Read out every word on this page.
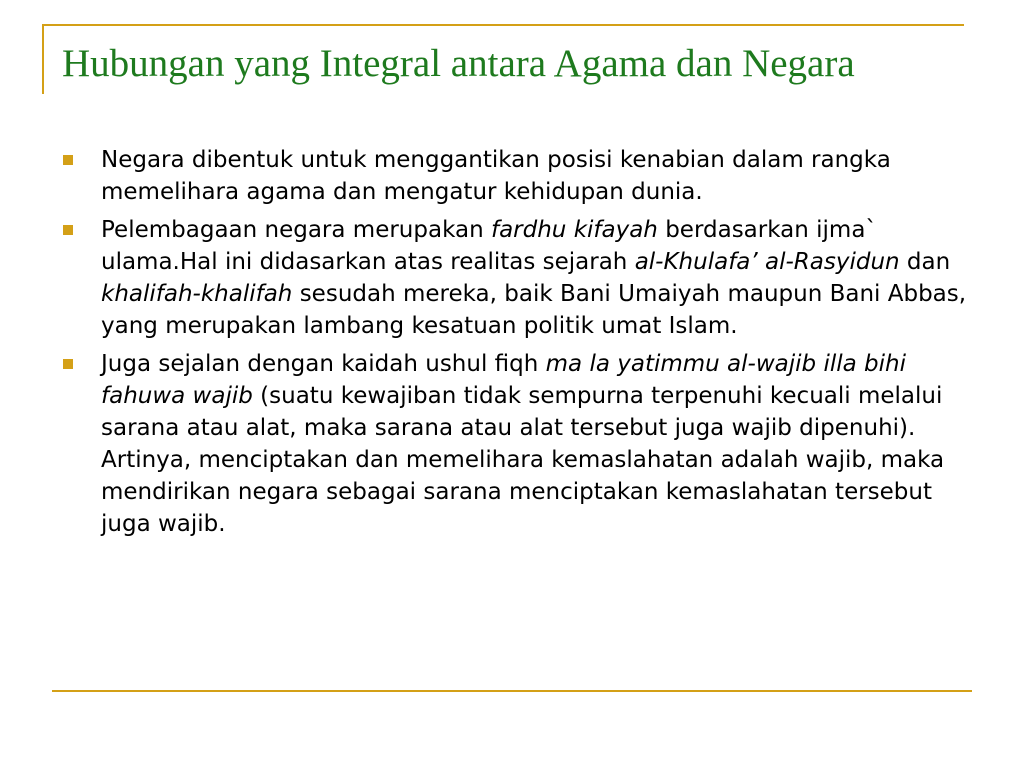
Hubungan yang Integral antara Agama dan Negara
Negara dibentuk untuk menggantikan posisi kenabian dalam rangka memelihara agama dan mengatur kehidupan dunia.
Pelembagaan negara merupakan fardhu kifayah berdasarkan ijma` ulama.Hal ini didasarkan atas realitas sejarah al-Khulafa’ al-Rasyidun dan khalifah-khalifah sesudah mereka, baik Bani Umaiyah maupun Bani Abbas, yang merupakan lambang kesatuan politik umat Islam.
Juga sejalan dengan kaidah ushul fiqh ma la yatimmu al-wajib illa bihi fahuwa wajib (suatu kewajiban tidak sempurna terpenuhi kecuali melalui sarana atau alat, maka sarana atau alat tersebut juga wajib dipenuhi). Artinya, menciptakan dan memelihara kemaslahatan adalah wajib, maka mendirikan negara sebagai sarana menciptakan kemaslahatan tersebut juga wajib.
